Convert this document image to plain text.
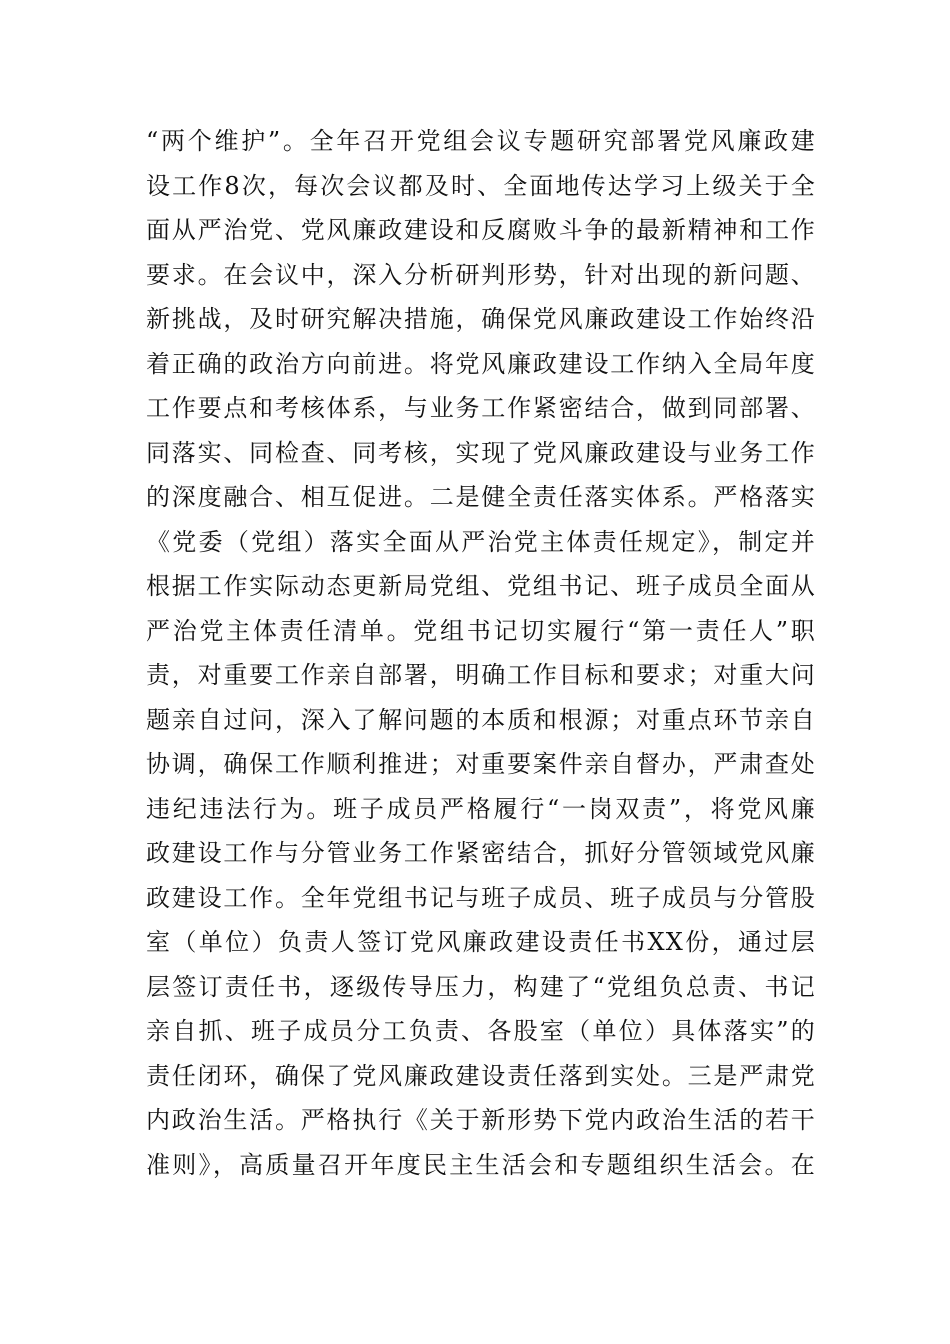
“两个维护”。全年召开党组会议专题研究部署党风廉政建
设工作8次，每次会议都及时、全面地传达学习上级关于全
面从严治党、党风廉政建设和反腐败斗争的最新精神和工作
要求。在会议中，深入分析研判形势，针对出现的新问题、
新挑战，及时研究解决措施，确保党风廉政建设工作始终沿
着正确的政治方向前进。将党风廉政建设工作纳入全局年度
工作要点和考核体系，与业务工作紧密结合，做到同部署、
同落实、同检查、同考核，实现了党风廉政建设与业务工作
的深度融合、相互促进。二是健全责任落实体系。严格落实
《党委（党组）落实全面从严治党主体责任规定》，制定并
根据工作实际动态更新局党组、党组书记、班子成员全面从
严治党主体责任清单。党组书记切实履行“第一责任人”职
责，对重要工作亲自部署，明确工作目标和要求；对重大问
题亲自过问，深入了解问题的本质和根源；对重点环节亲自
协调，确保工作顺利推进；对重要案件亲自督办，严肃查处
违纪违法行为。班子成员严格履行“一岗双责”，将党风廉
政建设工作与分管业务工作紧密结合，抓好分管领域党风廉
政建设工作。全年党组书记与班子成员、班子成员与分管股
室（单位）负责人签订党风廉政建设责任书XX份，通过层
层签订责任书，逐级传导压力，构建了“党组负总责、书记
亲自抓、班子成员分工负责、各股室（单位）具体落实”的
责任闭环，确保了党风廉政建设责任落到实处。三是严肃党
内政治生活。严格执行《关于新形势下党内政治生活的若干
准则》，高质量召开年度民主生活会和专题组织生活会。在
